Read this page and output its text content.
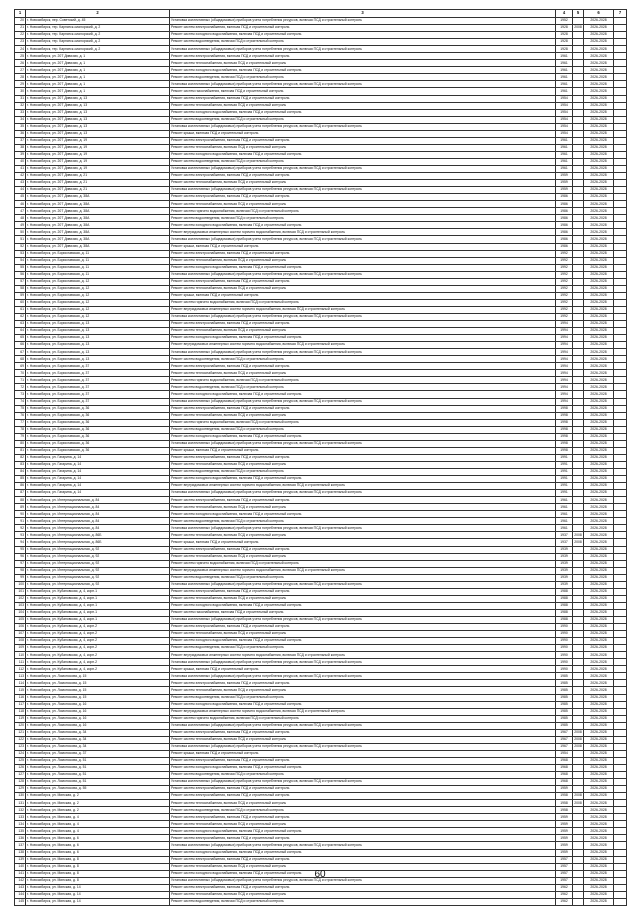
1	2	3	4	5	6	7
20	г. Новосибирск, пер. Советский, д. 45	Установка коллективных (общедомовых) приборов учета потребления ресурсов, включая ПСД и строительный контроль	1952		2026-2028	
21	г. Новосибирск, тер. Карпатск-сиалорский, д. 2	Ремонт систем электроснабжения, включая ПСД и строительный контроль	1928	2008	2026-2028	
22	г. Новосибирск, тер. Карпатск-сиалорский, д. 2	Ремонт систем холодного водоснабжения, включая ПСД и строительный контроль	1928		2026-2028	
23	г. Новосибирск, тер. Карпатск-сиалорский, д. 2	Ремонт систем водоотведения, включая ПСД и строительный контроль	1928		2026-2028	
24	г. Новосибирск, тер. Карпатск-сиалорский, д. 2	Установка коллективных (общедомовых) приборов учета потребления ресурсов, включая ПСД и строительный контроль	1928		2026-2028	
25	г. Новосибирск, ул. 20Т Дивизии, д. 1	Ремонт систем электроснабжения, включая ПСД и строительный контроль	1961		2026-2028	
26	г. Новосибирск, ул. 20Т Дивизии, д. 1	Ремонт систем теплоснабжения, включая ПСД и строительный контроль	1961		2026-2028	
27	г. Новосибирск, ул. 20Т Дивизии, д. 1	Ремонт систем холодного водоснабжения, включая ПСД и строительный контроль	1961		2026-2028	
28	г. Новосибирск, ул. 20Т Дивизии, д. 1	Ремонт систем водоотведения, включая ПСД и строительный контроль	1961		2026-2028	
29	г. Новосибирск, ул. 20Т Дивизии, д. 1	Установка коллективных (общедомовых) приборов учета потребления ресурсов, включая ПСД и строительный контроль	1961		2026-2028	
30	г. Новосибирск, ул. 20Т Дивизии, д. 1	Ремонт систем газоснабжения, включая ПСД и строительный контроль	1961		2026-2028	
31	г. Новосибирск, ул. 20Т Дивизии, д. 13	Ремонт систем электроснабжения, включая ПСД и строительный контроль	1954		2026-2028	
32	г. Новосибирск, ул. 20Т Дивизии, д. 13	Ремонт систем теплоснабжения, включая ПСД и строительный контроль	1954		2026-2028	
33	г. Новосибирск, ул. 20Т Дивизии, д. 13	Ремонт систем холодного водоснабжения, включая ПСД и строительный контроль	1954		2026-2028	
34	г. Новосибирск, ул. 20Т Дивизии, д. 13	Ремонт систем водоотведения, включая ПСД и строительный контроль	1954		2026-2028	
35	г. Новосибирск, ул. 20Т Дивизии, д. 13	Установка коллективных (общедомовых) приборов учета потребления ресурсов, включая ПСД и строительный контроль	1954		2026-2028	
36	г. Новосибирск, ул. 20Т Дивизии, д. 13	Ремонт крыши, включая ПСД и строительный контроль	1954		2026-2028	
37	г. Новосибирск, ул. 20Т Дивизии, д. 19	Ремонт систем электроснабжения, включая ПСД и строительный контроль	1961		2026-2028	
38	г. Новосибирск, ул. 20Т Дивизии, д. 19	Ремонт систем теплоснабжения, включая ПСД и строительный контроль	1961		2026-2028	
39	г. Новосибирск, ул. 20Т Дивизии, д. 19	Ремонт систем холодного водоснабжения, включая ПСД и строительный контроль	1961		2026-2028	
40	г. Новосибирск, ул. 20Т Дивизии, д. 19	Ремонт систем водоотведения, включая ПСД и строительный контроль	1961		2026-2028	
41	г. Новосибирск, ул. 20Т Дивизии, д. 19	Установка коллективных (общедомовых) приборов учета потребления ресурсов, включая ПСД и строительный контроль	1961		2026-2028	
42	г. Новосибирск, ул. 20Т Дивизии, д. 21	Ремонт систем электроснабжения, включая ПСД и строительный контроль	1959		2026-2028	
43	г. Новосибирск, ул. 20Т Дивизии, д. 21	Ремонт систем теплоснабжения, включая ПСД и строительный контроль	1959		2026-2028	
44	г. Новосибирск, ул. 20Т Дивизии, д. 21	Установка коллективных (общедомовых) приборов учета потребления ресурсов, включая ПСД и строительный контроль	1959		2026-2028	
45	г. Новосибирск, ул. 20Т Дивизии, д. 38А	Ремонт систем электроснабжения, включая ПСД и строительный контроль	1986		2026-2028	
46	г. Новосибирск, ул. 20Т Дивизии, д. 38А	Ремонт систем теплоснабжения, включая ПСД и строительный контроль	1986		2026-2028	
47	г. Новосибирск, ул. 20Т Дивизии, д. 38А	Ремонт систем горячего водоснабжения, включая ПСД и строительный контроль	1986		2026-2028	
48	г. Новосибирск, ул. 20Т Дивизии, д. 38А	Ремонт систем водоотведения, включая ПСД и строительный контроль	1986		2026-2028	
49	г. Новосибирск, ул. 20Т Дивизии, д. 38А	Ремонт систем холодного водоснабжения, включая ПСД и строительный контроль	1986		2026-2028	
50	г. Новосибирск, ул. 20Т Дивизии, д. 38А	Ремонт внутридомовых инженерных систем горячего водоснабжения, включая ПСД и строительный контроль	1986		2026-2028	
51	г. Новосибирск, ул. 20Т Дивизии, д. 38А	Установка коллективных (общедомовых) приборов учета потребления ресурсов, включая ПСД и строительный контроль	1986		2026-2028	
52	г. Новосибирск, ул. 20Т Дивизии, д. 38А	Ремонт крыши, включая ПСД и строительный контроль	1986		2026-2028	
53	г. Новосибирск, ул. Бориславская, д. 11	Ремонт систем электроснабжения, включая ПСД и строительный контроль	1992		2026-2028	
54	г. Новосибирск, ул. Бориславская, д. 11	Ремонт систем теплоснабжения, включая ПСД и строительный контроль	1992		2026-2028	
55	г. Новосибирск, ул. Бориславская, д. 11	Ремонт систем холодного водоснабжения, включая ПСД и строительный контроль	1992		2026-2028	
56	г. Новосибирск, ул. Бориславская, д. 11	Установка коллективных (общедомовых) приборов учета потребления ресурсов, включая ПСД и строительный контроль	1992		2026-2028	
57	г. Новосибирск, ул. Бориславская, д. 12	Ремонт систем электроснабжения, включая ПСД и строительный контроль	1992		2026-2028	
58	г. Новосибирск, ул. Бориславская, д. 12	Ремонт систем теплоснабжения, включая ПСД и строительный контроль	1992		2026-2028	
59	г. Новосибирск, ул. Бориславская, д. 12	Ремонт крыши, включая ПСД и строительный контроль	1992		2026-2028	
60	г. Новосибирск, ул. Бориславская, д. 12	Ремонт систем горячего водоснабжения, включая ПСД и строительный контроль	1992		2026-2028	
61	г. Новосибирск, ул. Бориславская, д. 12	Ремонт внутридомовых инженерных систем горячего водоснабжения, включая ПСД и строительный контроль	1992		2026-2028	
62	г. Новосибирск, ул. Бориславская, д. 12	Установка коллективных (общедомовых) приборов учета потребления ресурсов, включая ПСД и строительный контроль	1992		2026-2028	
63	г. Новосибирск, ул. Бориславская, д. 13	Ремонт систем электроснабжения, включая ПСД и строительный контроль	1994		2026-2028	
64	г. Новосибирск, ул. Бориславская, д. 13	Ремонт систем теплоснабжения, включая ПСД и строительный контроль	1994		2026-2028	
65	г. Новосибирск, ул. Бориславская, д. 13	Ремонт систем холодного водоснабжения, включая ПСД и строительный контроль	1994		2026-2028	
66	г. Новосибирск, ул. Бориславская, д. 13	Ремонт внутридомовых инженерных систем горячего водоснабжения, включая ПСД и строительный контроль	1994		2026-2028	
67	г. Новосибирск, ул. Бориславская, д. 13	Установка коллективных (общедомовых) приборов учета потребления ресурсов, включая ПСД и строительный контроль	1994		2026-2028	
68	г. Новосибирск, ул. Бориславская, д. 13	Ремонт систем водоотведения, включая ПСД и строительный контроль	1994		2026-2028	
69	г. Новосибирск, ул. Бориславская, д. 37	Ремонт систем электроснабжения, включая ПСД и строительный контроль	1994		2026-2028	
70	г. Новосибирск, ул. Бориславская, д. 37	Ремонт систем теплоснабжения, включая ПСД и строительный контроль	1994		2026-2028	
71	г. Новосибирск, ул. Бориславская, д. 37	Ремонт систем горячего водоснабжения, включая ПСД и строительный контроль	1994		2026-2028	
72	г. Новосибирск, ул. Бориславская, д. 37	Ремонт систем водоотведения, включая ПСД и строительный контроль	1994		2026-2028	
73	г. Новосибирск, ул. Бориславская, д. 37	Ремонт систем холодного водоснабжения, включая ПСД и строительный контроль	1994		2026-2028	
74	г. Новосибирск, ул. Бориславская, д. 37	Установка коллективных (общедомовых) приборов учета потребления ресурсов, включая ПСД и строительный контроль	1994		2026-2028	
75	г. Новосибирск, ул. Бориславская, д. 36	Ремонт систем электроснабжения, включая ПСД и строительный контроль	1998		2026-2028	
76	г. Новосибирск, ул. Бориславская, д. 36	Ремонт систем теплоснабжения, включая ПСД и строительный контроль	1998		2026-2028	
77	г. Новосибирск, ул. Бориславская, д. 36	Ремонт систем горячего водоснабжения, включая ПСД и строительный контроль	1998		2026-2028	
78	г. Новосибирск, ул. Бориславская, д. 36	Ремонт систем водоотведения, включая ПСД и строительный контроль	1998		2026-2028	
79	г. Новосибирск, ул. Бориславская, д. 36	Ремонт систем холодного водоснабжения, включая ПСД и строительный контроль	1998		2026-2028	
80	г. Новосибирск, ул. Бориславская, д. 36	Установка коллективных (общедомовых) приборов учета потребления ресурсов, включая ПСД и строительный контроль	1998		2026-2028	
81	г. Новосибирск, ул. Бориславская, д. 36	Ремонт крыши, включая ПСД и строительный контроль	1998		2026-2028	
82	г. Новосибирск, ул. Гагарина, д. 14	Ремонт систем электроснабжения, включая ПСД и строительный контроль	1991		2026-2028	
83	г. Новосибирск, ул. Гагарина, д. 14	Ремонт систем теплоснабжения, включая ПСД и строительный контроль	1991		2026-2028	
84	г. Новосибирск, ул. Гагарина, д. 14	Ремонт систем водоотведения, включая ПСД и строительный контроль	1991		2026-2028	
85	г. Новосибирск, ул. Гагарина, д. 14	Ремонт систем холодного водоснабжения, включая ПСД и строительный контроль	1991		2026-2028	
86	г. Новосибирск, ул. Гагарина, д. 14	Ремонт внутридомовых инженерных систем горячего водоснабжения, включая ПСД и строительный контроль	1991		2026-2028	
87	г. Новосибирск, ул. Гагарина, д. 14	Установка коллективных (общедомовых) приборов учета потребления ресурсов, включая ПСД и строительный контроль	1991		2026-2028	
88	г. Новосибирск, ул. Интернациональная, д. 84	Ремонт систем электроснабжения, включая ПСД и строительный контроль	1961		2026-2028	
89	г. Новосибирск, ул. Интернациональная, д. 84	Ремонт систем теплоснабжения, включая ПСД и строительный контроль	1961		2026-2028	
90	г. Новосибирск, ул. Интернациональная, д. 84	Ремонт систем холодного водоснабжения, включая ПСД и строительный контроль	1961		2026-2028	
91	г. Новосибирск, ул. Интернациональная, д. 84	Ремонт систем водоотведения, включая ПСД и строительный контроль	1961		2026-2028	
92	г. Новосибирск, ул. Интернациональная, д. 84	Установка коллективных (общедомовых) приборов учета потребления ресурсов, включая ПСД и строительный контроль	1961		2026-2028	
93	г. Новосибирск, ул. Интернациональная, д. 86Б	Ремонт систем теплоснабжения, включая ПСД и строительный контроль	1937	2008	2026-2028	
94	г. Новосибирск, ул. Интернациональная, д. 86Б	Ремонт крыши, включая ПСД и строительный контроль	1937	2008	2026-2028	
95	г. Новосибирск, ул. Интернациональная, д. 92	Ремонт систем электроснабжения, включая ПСД и строительный контроль	1939		2026-2028	
96	г. Новосибирск, ул. Интернациональная, д. 92	Ремонт систем теплоснабжения, включая ПСД и строительный контроль	1939		2026-2028	
97	г. Новосибирск, ул. Интернациональная, д. 92	Ремонт систем горячего водоснабжения, включая ПСД и строительный контроль	1939		2026-2028	
98	г. Новосибирск, ул. Интернациональная, д. 92	Ремонт внутридомовых инженерных систем горячего водоснабжения, включая ПСД и строительный контроль	1939		2026-2028	
99	г. Новосибирск, ул. Интернациональная, д. 92	Ремонт систем водоотведения, включая ПСД и строительный контроль	1939		2026-2028	
100	г. Новосибирск, ул. Интернациональная, д. 92	Установка коллективных (общедомовых) приборов учета потребления ресурсов, включая ПСД и строительный контроль	1939		2026-2028	
101	г. Новосибирск, ул. Кубановская, д. 4, корп.1	Ремонт систем электроснабжения, включая ПСД и строительный контроль	1988		2026-2028	
102	г. Новосибирск, ул. Кубановская, д. 4, корп.1	Ремонт систем теплоснабжения, включая ПСД и строительный контроль	1988		2026-2028	
103	г. Новосибирск, ул. Кубановская, д. 4, корп.1	Ремонт систем холодного водоснабжения, включая ПСД и строительный контроль	1988		2026-2028	
104	г. Новосибирск, ул. Кубановская, д. 4, корп.1	Ремонт систем газоснабжения, включая ПСД и строительный контроль	1988		2026-2028	
105	г. Новосибирск, ул. Кубановская, д. 4, корп.1	Установка коллективных (общедомовых) приборов учета потребления ресурсов, включая ПСД и строительный контроль	1988		2026-2028	
106	г. Новосибирск, ул. Кубановская, д. 4, корп.2	Ремонт систем электроснабжения, включая ПСД и строительный контроль	1990		2026-2028	
107	г. Новосибирск, ул. Кубановская, д. 4, корп.2	Ремонт систем теплоснабжения, включая ПСД и строительный контроль	1990		2026-2028	
108	г. Новосибирск, ул. Кубановская, д. 4, корп.2	Ремонт систем холодного водоснабжения, включая ПСД и строительный контроль	1990		2026-2028	
109	г. Новосибирск, ул. Кубановская, д. 4, корп.2	Ремонт систем водоотведения, включая ПСД и строительный контроль	1990		2026-2028	
110	г. Новосибирск, ул. Кубановская, д. 4, корп.2	Ремонт внутридомовых инженерных систем горячего водоснабжения, включая ПСД и строительный контроль	1990		2026-2028	
111	г. Новосибирск, ул. Кубановская, д. 4, корп.2	Установка коллективных (общедомовых) приборов учета потребления ресурсов, включая ПСД и строительный контроль	1990		2026-2028	
112	г. Новосибирск, ул. Кубановская, д. 4, корп.2	Ремонт крыши, включая ПСД и строительный контроль	1990		2026-2028	
113	г. Новосибирск, ул. Ломоносова, д. 15	Установка коллективных (общедомовых) приборов учета потребления ресурсов, включая ПСД и строительный контроль	1985		2026-2028	
114	г. Новосибирск, ул. Ломоносова, д. 15	Ремонт систем электроснабжения, включая ПСД и строительный контроль	1985		2026-2028	
115	г. Новосибирск, ул. Ломоносова, д. 15	Ремонт систем теплоснабжения, включая ПСД и строительный контроль	1985		2026-2028	
116	г. Новосибирск, ул. Ломоносова, д. 15	Ремонт систем водоотведения, включая ПСД и строительный контроль	1985		2026-2028	
117	г. Новосибирск, ул. Ломоносова, д. 16	Ремонт систем холодного водоснабжения, включая ПСД и строительный контроль	1985		2026-2028	
118	г. Новосибирск, ул. Ломоносова, д. 16	Ремонт внутридомовых инженерных систем горячего водоснабжения, включая ПСД и строительный контроль	1985		2026-2028	
119	г. Новосибирск, ул. Ломоносова, д. 16	Ремонт систем горячего водоснабжения, включая ПСД и строительный контроль	1985		2026-2028	
120	г. Новосибирск, ул. Ломоносова, д. 16	Установка коллективных (общедомовых) приборов учета потребления ресурсов, включая ПСД и строительный контроль	1985		2026-2028	
121	г. Новосибирск, ул. Ломоносова, д. 34	Ремонт систем электроснабжения, включая ПСД и строительный контроль	1967	2008	2026-2028	
122	г. Новосибирск, ул. Ломоносова, д. 34	Ремонт систем теплоснабжения, включая ПСД и строительный контроль	1967	2008	2026-2028	
123	г. Новосибирск, ул. Ломоносова, д. 34	Установка коллективных (общедомовых) приборов учета потребления ресурсов, включая ПСД и строительный контроль	1967	2008	2026-2028	
124	г. Новосибирск, ул. Ломоносова, д. 37	Ремонт крыши, включая ПСД и строительный контроль	1954		2026-2028	
125	г. Новосибирск, ул. Ломоносова, д. 51	Ремонт систем электроснабжения, включая ПСД и строительный контроль	1968		2026-2028	
126	г. Новосибирск, ул. Ломоносова, д. 51	Ремонт систем холодного водоснабжения, включая ПСД и строительный контроль	1968		2026-2028	
127	г. Новосибирск, ул. Ломоносова, д. 51	Ремонт систем водоотведения, включая ПСД и строительный контроль	1968		2026-2028	
128	г. Новосибирск, ул. Ломоносова, д. 51	Установка коллективных (общедомовых) приборов учета потребления ресурсов, включая ПСД и строительный контроль	1968		2026-2028	
129	г. Новосибирск, ул. Ломоносова, д. 55	Ремонт систем электроснабжения, включая ПСД и строительный контроль	1959		2026-2028	
130	г. Новосибирск, ул. Минская, д. 2	Ремонт систем электроснабжения, включая ПСД и строительный контроль	1958	2008	2026-2028	
131	г. Новосибирск, ул. Минская, д. 2	Ремонт систем теплоснабжения, включая ПСД и строительный контроль	1958	2008	2026-2028	
132	г. Новосибирск, ул. Минская, д. 2	Ремонт систем водоотведения, включая ПСД и строительный контроль	1958		2026-2028	
133	г. Новосибирск, ул. Минская, д. 4	Ремонт систем электроснабжения, включая ПСД и строительный контроль	1959		2026-2028	
134	г. Новосибирск, ул. Минская, д. 4	Ремонт систем теплоснабжения, включая ПСД и строительный контроль	1959		2026-2028	
135	г. Новосибирск, ул. Минская, д. 4	Ремонт систем холодного водоснабжения, включая ПСД и строительный контроль	1959		2026-2028	
136	г. Новосибирск, ул. Минская, д. 6	Ремонт систем электроснабжения, включая ПСД и строительный контроль	1959		2026-2028	
137	г. Новосибирск, ул. Минская, д. 6	Установка коллективных (общедомовых) приборов учета потребления ресурсов, включая ПСД и строительный контроль	1959		2026-2028	
138	г. Новосибирск, ул. Минская, д. 6	Ремонт систем холодного водоснабжения, включая ПСД и строительный контроль	1959		2026-2028	
139	г. Новосибирск, ул. Минская, д. 8	Ремонт систем электроснабжения, включая ПСД и строительный контроль	1957		2026-2028	
140	г. Новосибирск, ул. Минская, д. 8	Ремонт систем теплоснабжения, включая ПСД и строительный контроль	1957		2026-2028	
141	г. Новосибирск, ул. Минская, д. 8	Ремонт систем холодного водоснабжения, включая ПСД и строительный контроль	1957		2026-2028	
142	г. Новосибирск, ул. Минская, д. 8	Установка коллективных (общедомовых) приборов учета потребления ресурсов, включая ПСД и строительный контроль	1957		2026-2028	
143	г. Новосибирск, ул. Минская, д. 14	Ремонт систем электроснабжения, включая ПСД и строительный контроль	1962		2026-2028	
144	г. Новосибирск, ул. Минская, д. 14	Ремонт систем теплоснабжения, включая ПСД и строительный контроль	1962		2026-2028	
145	г. Новосибирск, ул. Минская, д. 14	Ремонт систем водоотведения, включая ПСД и строительный контроль	1962		2026-2028	
60
